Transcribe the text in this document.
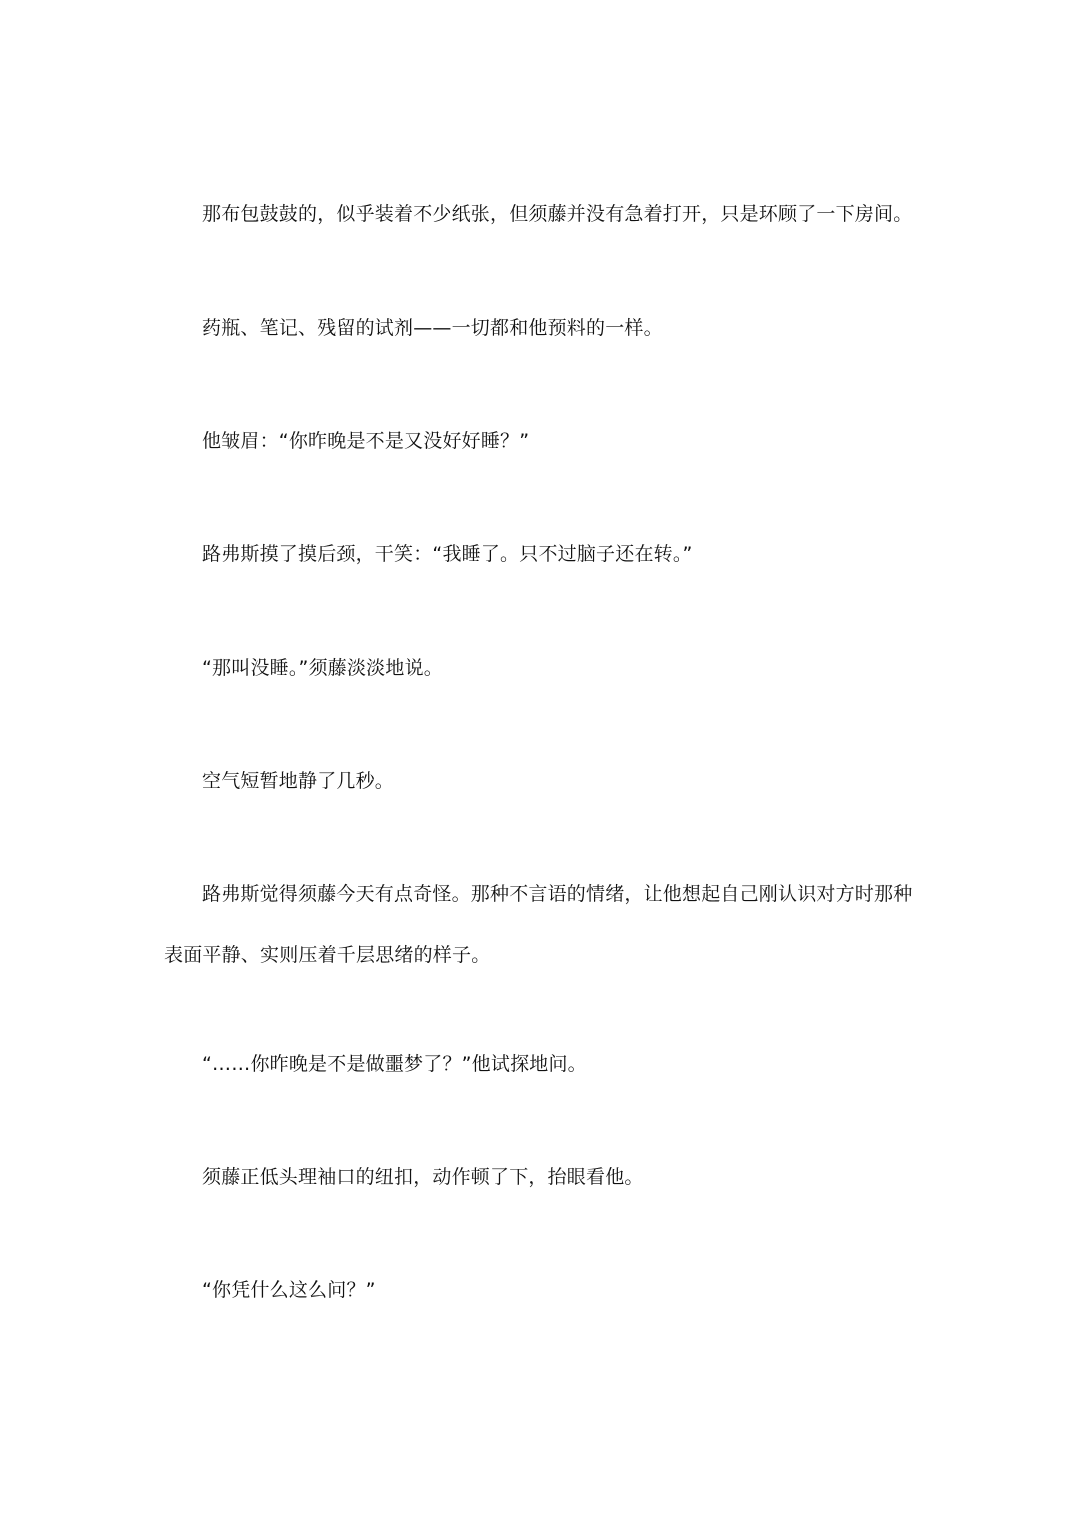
那布包鼓鼓的，似乎装着不少纸张，但须藤并没有急着打开，只是环顾了一下房间。

药瓶、笔记、残留的试剂——一切都和他预料的一样。

他皱眉：“你昨晚是不是又没好好睡？”

路弗斯摸了摸后颈，干笑：“我睡了。只不过脑子还在转。”

“那叫没睡。”须藤淡淡地说。

空气短暂地静了几秒。

路弗斯觉得须藤今天有点奇怪。那种不言语的情绪，让他想起自己刚认识对方时那种表面平静、实则压着千层思绪的样子。

“……你昨晚是不是做噩梦了？”他试探地问。

须藤正低头理袖口的纽扣，动作顿了下，抬眼看他。

“你凭什么这么问？”
